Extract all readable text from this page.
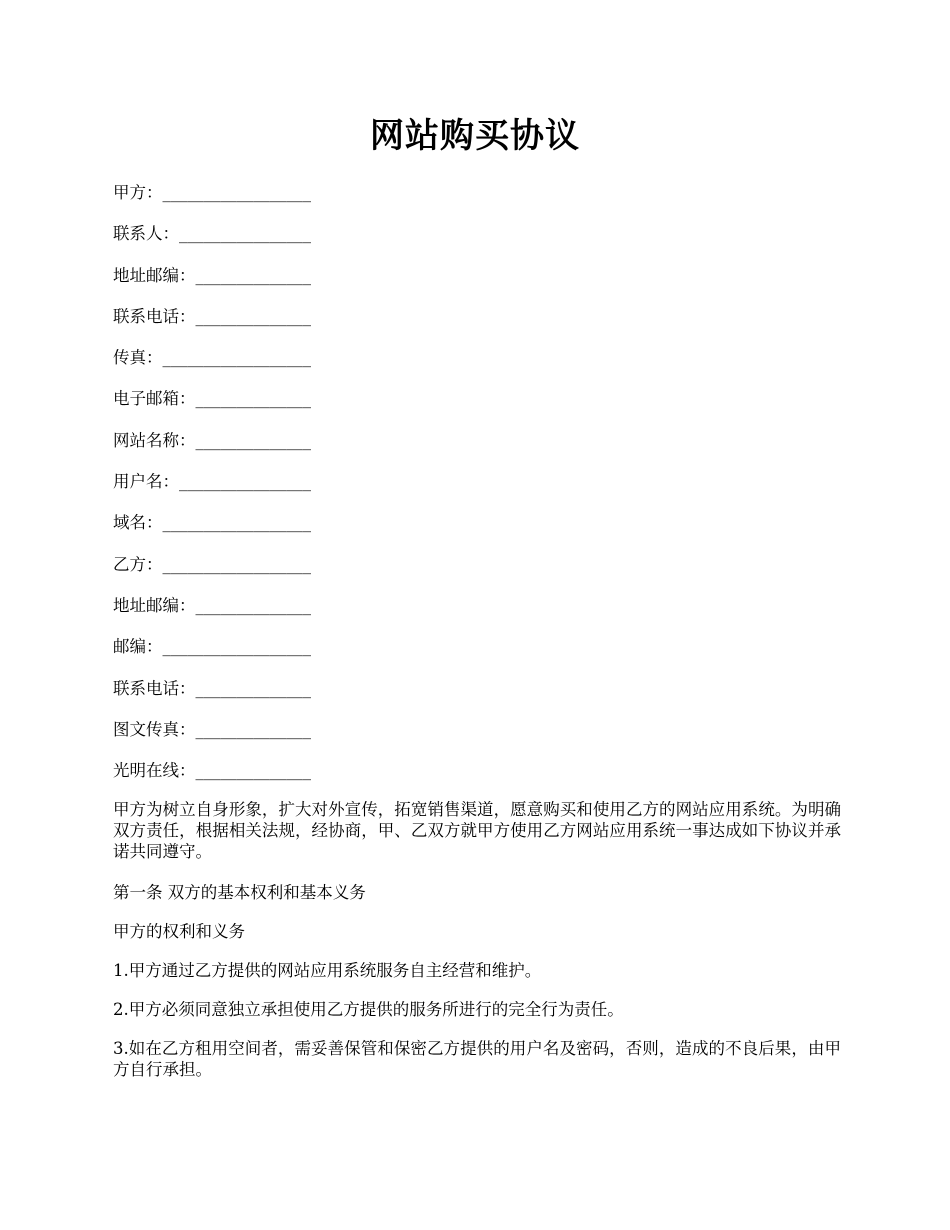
网站购买协议
甲方：__________________
联系人：________________
地址邮编：______________
联系电话：______________
传真：__________________
电子邮箱：______________
网站名称：______________
用户名：________________
域名：__________________
乙方：__________________
地址邮编：______________
邮编：__________________
联系电话：______________
图文传真：______________
光明在线：______________

甲方为树立自身形象，扩大对外宣传，拓宽销售渠道，愿意购买和使用乙方的网站应用系统。为明确双方责任，根据相关法规，经协商，甲、乙双方就甲方使用乙方网站应用系统一事达成如下协议并承诺共同遵守。

第一条 双方的基本权利和基本义务

甲方的权利和义务

1.甲方通过乙方提供的网站应用系统服务自主经营和维护。

2.甲方必须同意独立承担使用乙方提供的服务所进行的完全行为责任。

3.如在乙方租用空间者，需妥善保管和保密乙方提供的用户名及密码，否则，造成的不良后果，由甲方自行承担。
